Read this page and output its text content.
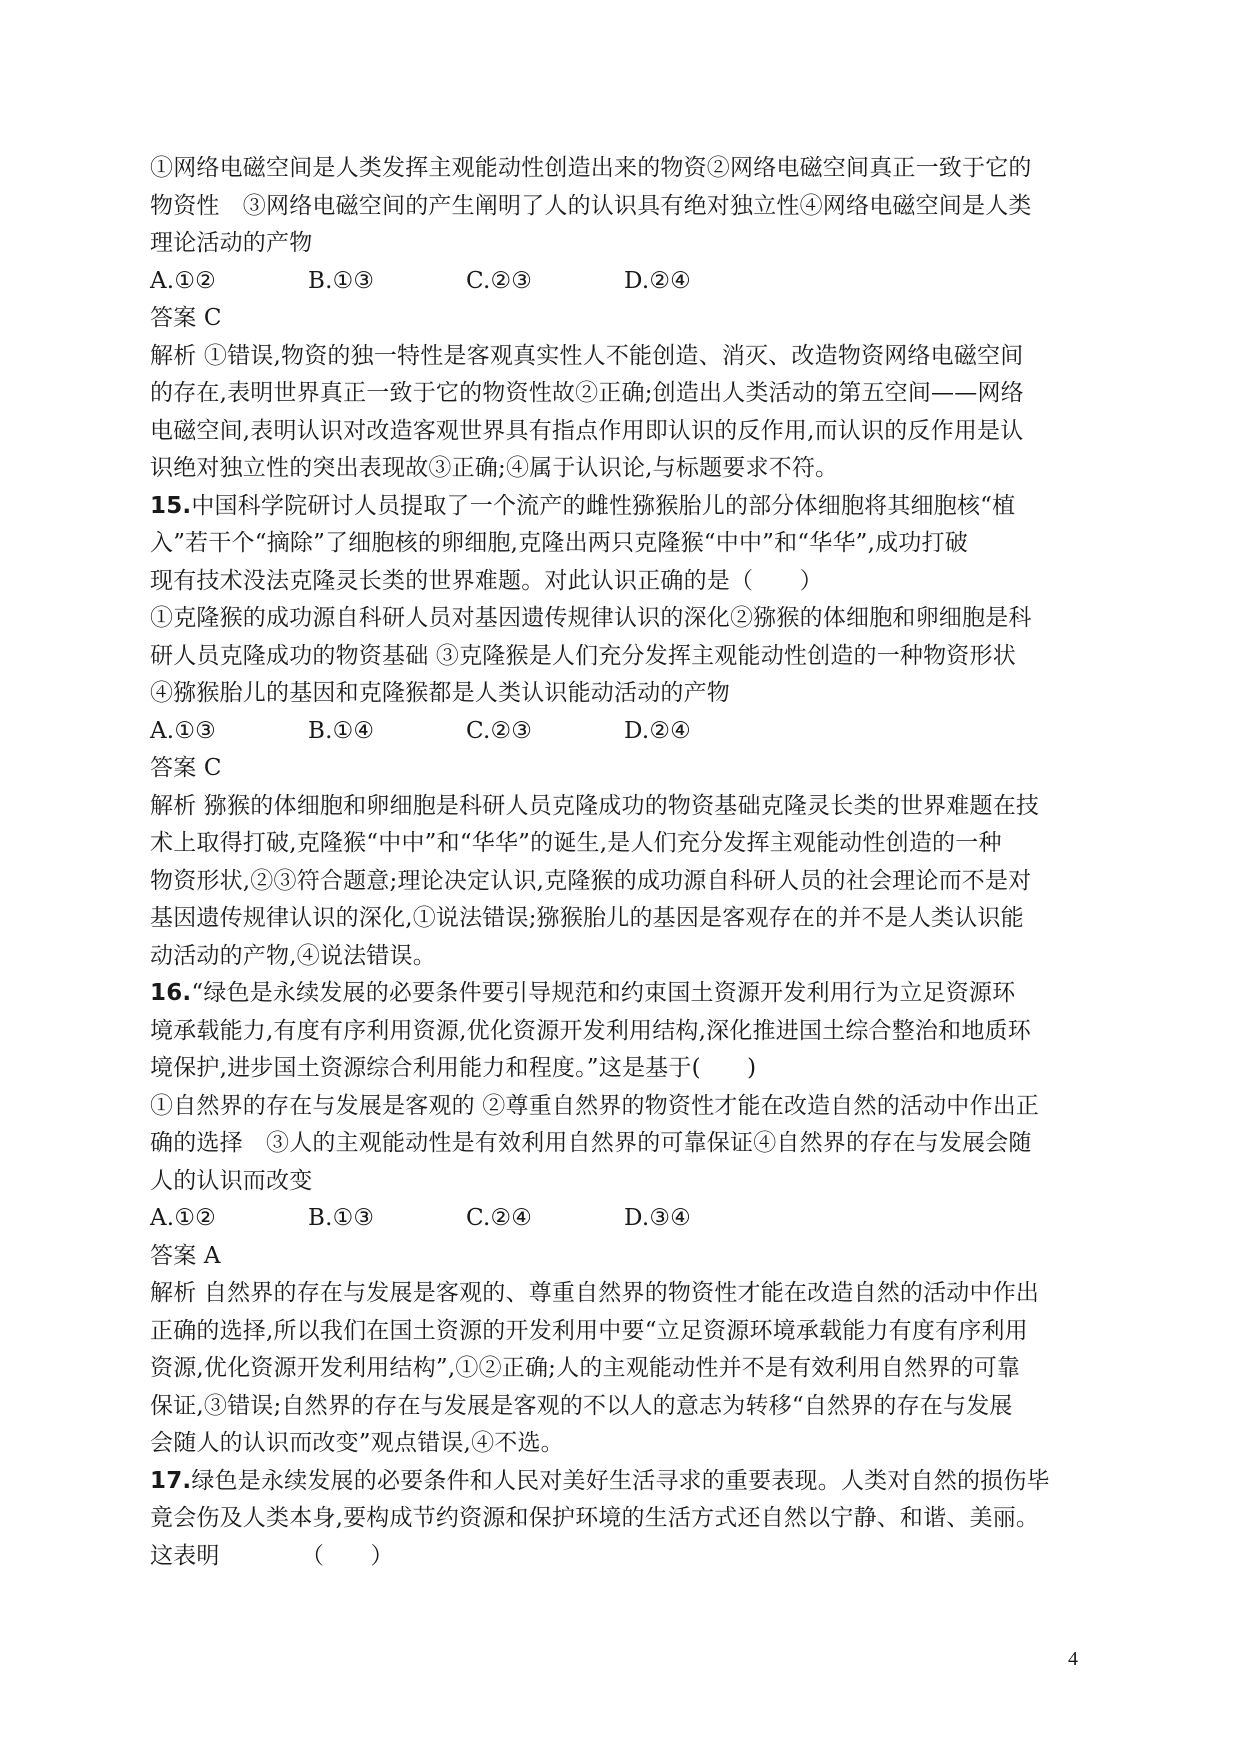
①网络电磁空间是人类发挥主观能动性创造出来的物资②网络电磁空间真正一致于它的
物资性　③网络电磁空间的产生阐明了人的认识具有绝对独立性④网络电磁空间是人类
理论活动的产物
A.①②	B.①③	C.②③	D.②④
答案 C
解析 ①错误,物资的独一特性是客观真实性人不能创造、消灭、改造物资网络电磁空间
的存在,表明世界真正一致于它的物资性故②正确;创造出人类活动的第五空间——网络
电磁空间,表明认识对改造客观世界具有指点作用即认识的反作用,而认识的反作用是认
识绝对独立性的突出表现故③正确;④属于认识论,与标题要求不符。
15.中国科学院研讨人员提取了一个流产的雌性猕猴胎儿的部分体细胞将其细胞核“植
入”若干个“摘除”了细胞核的卵细胞,克隆出两只克隆猴“中中”和“华华”,成功打破
现有技术没法克隆灵长类的世界难题。对此认识正确的是（　　）
①克隆猴的成功源自科研人员对基因遗传规律认识的深化②猕猴的体细胞和卵细胞是科
研人员克隆成功的物资基础 ③克隆猴是人们充分发挥主观能动性创造的一种物资形状
④猕猴胎儿的基因和克隆猴都是人类认识能动活动的产物
A.①③	B.①④	C.②③	D.②④
答案 C
解析 猕猴的体细胞和卵细胞是科研人员克隆成功的物资基础克隆灵长类的世界难题在技
术上取得打破,克隆猴“中中”和“华华”的诞生,是人们充分发挥主观能动性创造的一种
物资形状,②③符合题意;理论决定认识,克隆猴的成功源自科研人员的社会理论而不是对
基因遗传规律认识的深化,①说法错误;猕猴胎儿的基因是客观存在的并不是人类认识能
动活动的产物,④说法错误。
16.“绿色是永续发展的必要条件要引导规范和约束国土资源开发利用行为立足资源环
境承载能力,有度有序利用资源,优化资源开发利用结构,深化推进国土综合整治和地质环
境保护,进步国土资源综合利用能力和程度。”这是基于(　　)
①自然界的存在与发展是客观的 ②尊重自然界的物资性才能在改造自然的活动中作出正
确的选择　③人的主观能动性是有效利用自然界的可靠保证④自然界的存在与发展会随
人的认识而改变
A.①②	B.①③	C.②④	D.③④
答案 A
解析 自然界的存在与发展是客观的、尊重自然界的物资性才能在改造自然的活动中作出
正确的选择,所以我们在国土资源的开发利用中要“立足资源环境承载能力有度有序利用
资源,优化资源开发利用结构”,①②正确;人的主观能动性并不是有效利用自然界的可靠
保证,③错误;自然界的存在与发展是客观的不以人的意志为转移“自然界的存在与发展
会随人的认识而改变”观点错误,④不选。
17.绿色是永续发展的必要条件和人民对美好生活寻求的重要表现。人类对自然的损伤毕
竟会伤及人类本身,要构成节约资源和保护环境的生活方式还自然以宁静、和谐、美丽。
这表明　　　　（　　）
4
